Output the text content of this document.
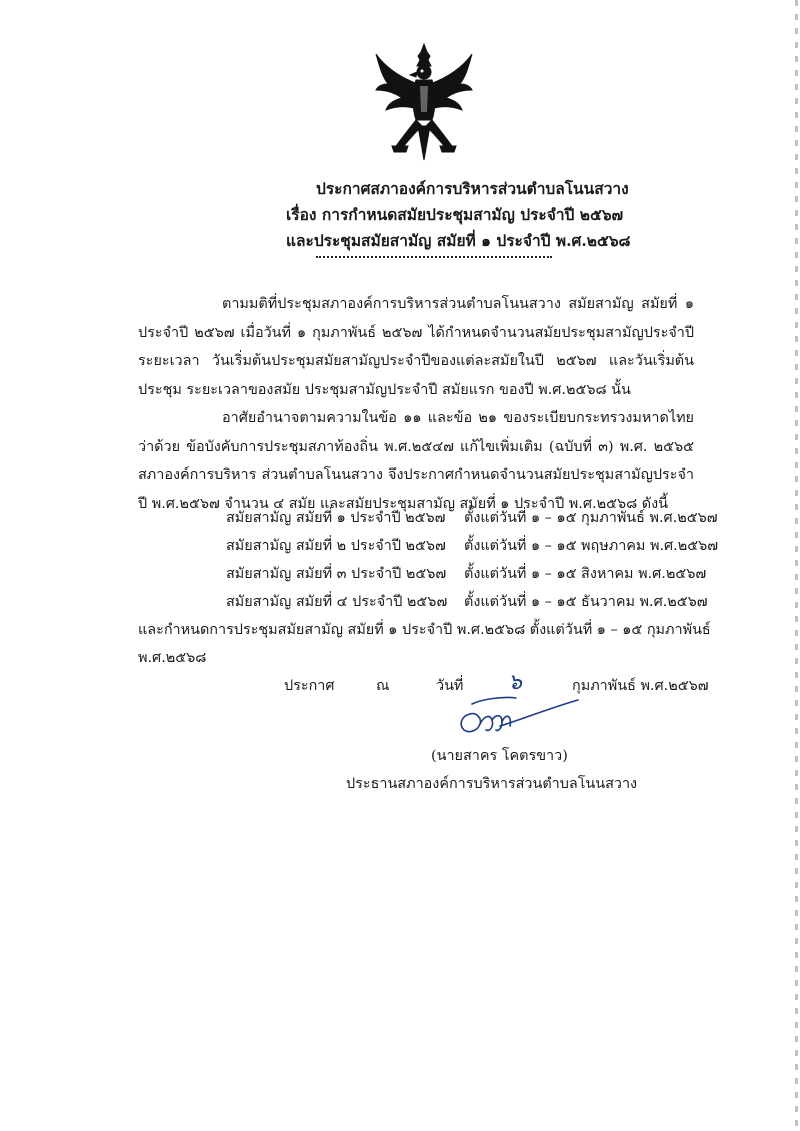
ประกาศสภาองค์การบริหารส่วนตำบลโนนสวาง
เรื่อง การกำหนดสมัยประชุมสามัญ ประจำปี ๒๕๖๗
และประชุมสมัยสามัญ สมัยที่ ๑ ประจำปี พ.ศ.๒๕๖๘

ตามมติที่ประชุมสภาองค์การบริหารส่วนตำบลโนนสวาง สมัยสามัญ สมัยที่ ๑ ประจำปี ๒๕๖๗ เมื่อวันที่ ๑ กุมภาพันธ์ ๒๕๖๗ ได้กำหนดจำนวนสมัยประชุมสามัญประจำปี ระยะเวลา วันเริ่มต้นประชุมสมัยสามัญประจำปีของแต่ละสมัยในปี ๒๕๖๗ และวันเริ่มต้นประชุม ระยะเวลาของสมัย ประชุมสามัญประจำปี สมัยแรก ของปี พ.ศ.๒๕๖๘ นั้น

อาศัยอำนาจตามความในข้อ ๑๑ และข้อ ๒๑ ของระเบียบกระทรวงมหาดไทยว่าด้วย ข้อบังคับการประชุมสภาท้องถิ่น พ.ศ.๒๕๔๗ แก้ไขเพิ่มเติม (ฉบับที่ ๓) พ.ศ. ๒๕๖๕ สภาองค์การบริหาร ส่วนตำบลโนนสวาง จึงประกาศกำหนดจำนวนสมัยประชุมสามัญประจำปี พ.ศ.๒๕๖๗ จำนวน ๔ สมัย และสมัยประชุมสามัญ สมัยที่ ๑ ประจำปี พ.ศ.๒๕๖๘ ดังนี้

สมัยสามัญ สมัยที่ ๑ ประจำปี ๒๕๖๗ ตั้งแต่วันที่ ๑ – ๑๕ กุมภาพันธ์ พ.ศ.๒๕๖๗
สมัยสามัญ สมัยที่ ๒ ประจำปี ๒๕๖๗ ตั้งแต่วันที่ ๑ – ๑๕ พฤษภาคม พ.ศ.๒๕๖๗
สมัยสามัญ สมัยที่ ๓ ประจำปี ๒๕๖๗ ตั้งแต่วันที่ ๑ – ๑๕ สิงหาคม พ.ศ.๒๕๖๗
สมัยสามัญ สมัยที่ ๔ ประจำปี ๒๕๖๗ ตั้งแต่วันที่ ๑ – ๑๕ ธันวาคม พ.ศ.๒๕๖๗
และกำหนดการประชุมสมัยสามัญ สมัยที่ ๑ ประจำปี พ.ศ.๒๕๖๘ ตั้งแต่วันที่ ๑ – ๑๕ กุมภาพันธ์
พ.ศ.๒๕๖๘
ประกาศ	ณ	วันที่ ๖	กุมภาพันธ์ พ.ศ.๒๕๖๗
(นายสาคร โคตรขาว)
ประธานสภาองค์การบริหารส่วนตำบลโนนสวาง
